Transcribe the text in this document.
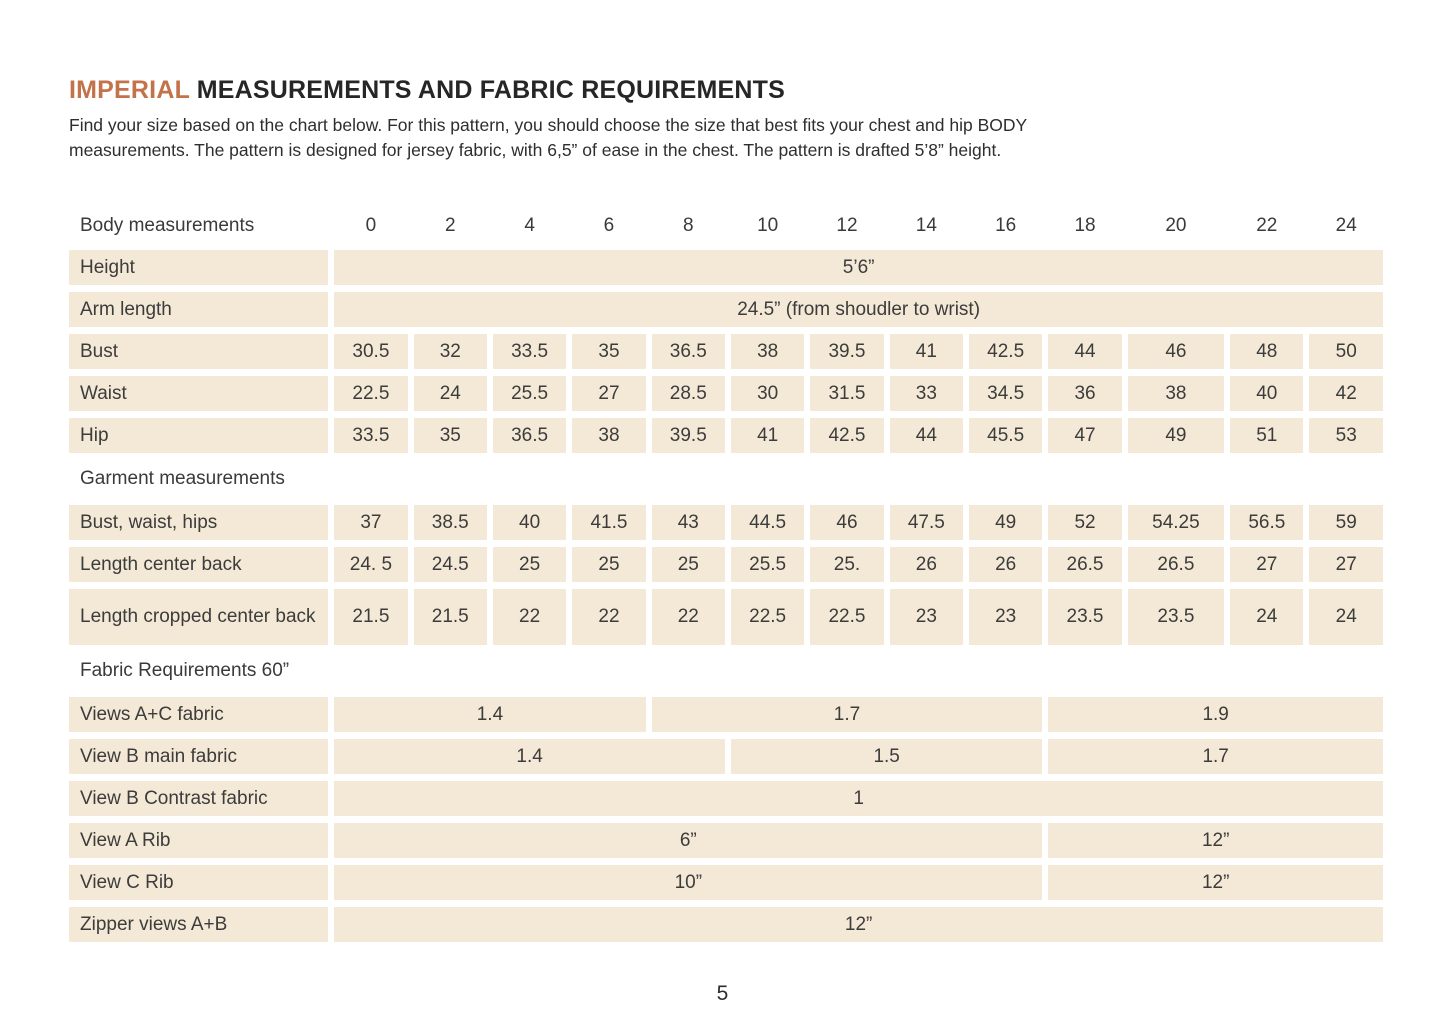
IMPERIAL MEASUREMENTS AND FABRIC REQUIREMENTS

Find your size based on the chart below. For this pattern, you should choose the size that best fits your chest and hip BODY
measurements. The pattern is designed for jersey fabric, with 6,5” of ease in the chest. The pattern is drafted 5’8” height.

Body measurements	0	2	4	6	8	10	12	14	16	18	20	22	24
Height	5’6”												
Arm length	24.5” (from shoudler to wrist)												
Bust	30.5	32	33.5	35	36.5	38	39.5	41	42.5	44	46	48	50
Waist	22.5	24	25.5	27	28.5	30	31.5	33	34.5	36	38	40	42
Hip	33.5	35	36.5	38	39.5	41	42.5	44	45.5	47	49	51	53
Garment measurements													
Bust, waist, hips	37	38.5	40	41.5	43	44.5	46	47.5	49	52	54.25	56.5	59
Length center back	24. 5	24.5	25	25	25	25.5	25.	26	26	26.5	26.5	27	27
Length cropped center back	21.5	21.5	22	22	22	22.5	22.5	23	23	23.5	23.5	24	24
Fabric Requirements 60”													
Views A+C fabric	1.4				1.7					1.9			
View B main fabric	1.4					1.5				1.7			
View B Contrast fabric	1												
View A Rib	6”									12”			
View C Rib	10”									12”			
Zipper views A+B	12”												
5
